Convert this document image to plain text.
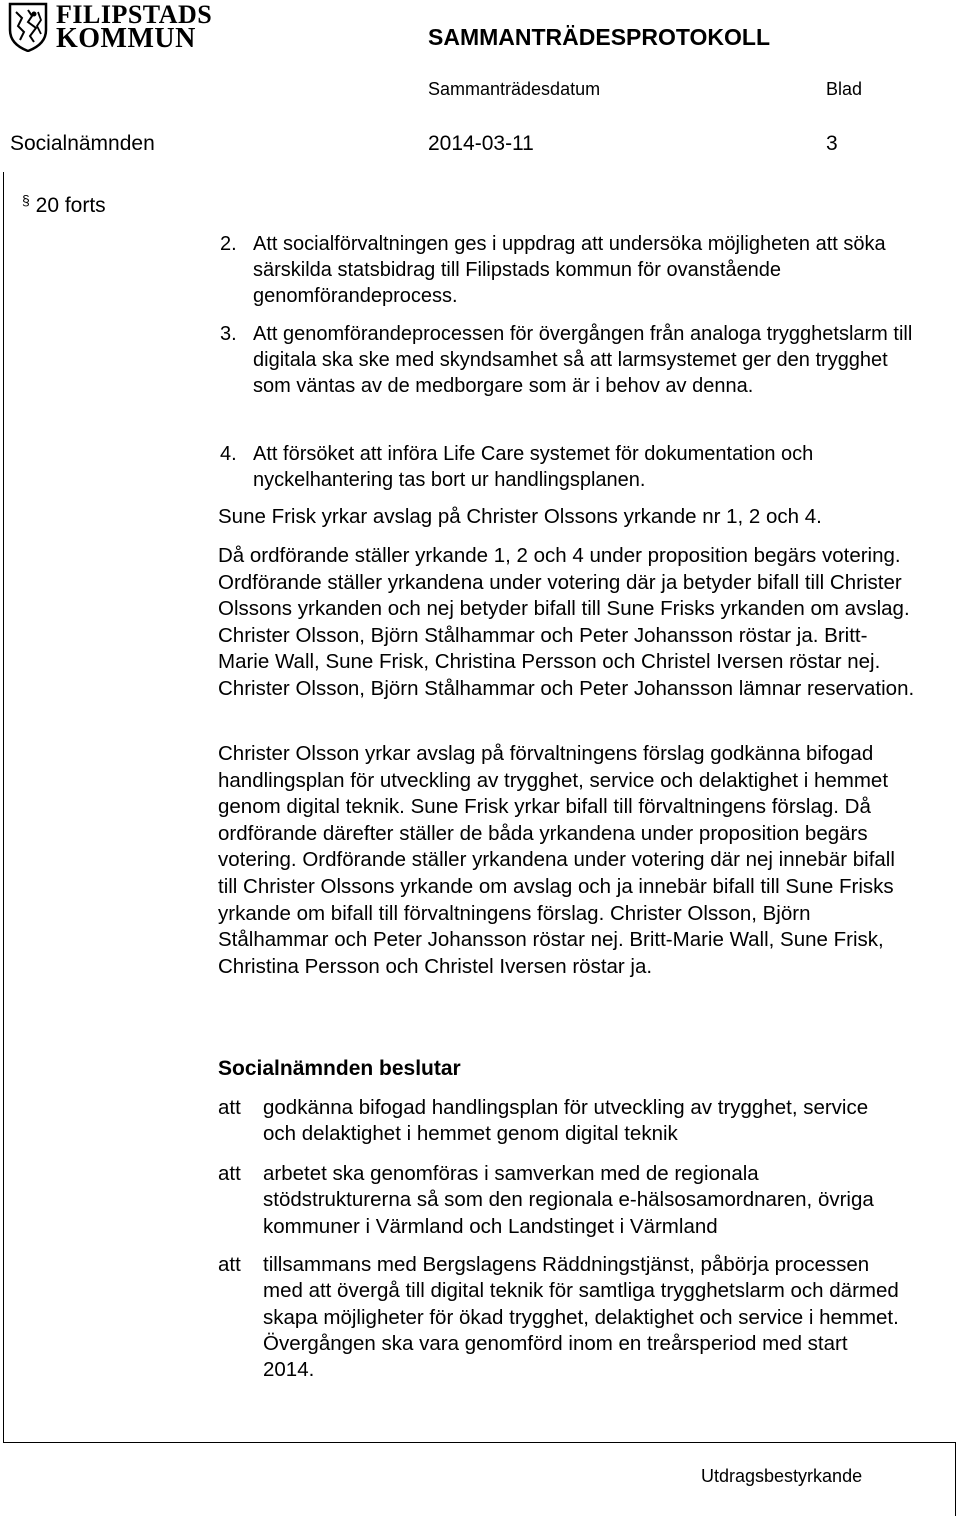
FILIPSTADS
KOMMUN	SAMMANTRÄDESPROTOKOLL
Sammanträdesdatum	Blad
Socialnämnden	2014-03-11	3
§ 20 forts
2. Att socialförvaltningen ges i uppdrag att undersöka möjligheten att söka särskilda statsbidrag till Filipstads kommun för ovanstående genomförandeprocess.
3. Att genomförandeprocessen för övergången från analoga trygghetslarm till digitala ska ske med skyndsamhet så att larmsystemet ger den trygghet som väntas av de medborgare som är i behov av denna.
4. Att försöket att införa Life Care systemet för dokumentation och nyckelhantering tas bort ur handlingsplanen.
Sune Frisk yrkar avslag på Christer Olssons yrkande nr 1, 2 och 4.
Då ordförande ställer yrkande 1, 2 och 4 under proposition begärs votering. Ordförande ställer yrkandena under votering där ja betyder bifall till Christer Olssons yrkanden och nej betyder bifall till Sune Frisks yrkanden om avslag. Christer Olsson, Björn Stålhammar och Peter Johansson röstar ja. Britt-Marie Wall, Sune Frisk, Christina Persson och Christel Iversen röstar nej. Christer Olsson, Björn Stålhammar och Peter Johansson lämnar reservation.
Christer Olsson yrkar avslag på förvaltningens förslag godkänna bifogad handlingsplan för utveckling av trygghet, service och delaktighet i hemmet genom digital teknik. Sune Frisk yrkar bifall till förvaltningens förslag. Då ordförande därefter ställer de båda yrkandena under proposition begärs votering. Ordförande ställer yrkandena under votering där nej innebär bifall till Christer Olssons yrkande om avslag och ja innebär bifall till Sune Frisks yrkande om bifall till förvaltningens förslag. Christer Olsson, Björn Stålhammar och Peter Johansson röstar nej. Britt-Marie Wall, Sune Frisk, Christina Persson och Christel Iversen röstar ja.
Socialnämnden beslutar
att godkänna bifogad handlingsplan för utveckling av trygghet, service och delaktighet i hemmet genom digital teknik
att arbetet ska genomföras i samverkan med de regionala stödstrukturerna så som den regionala e-hälsosamordnaren, övriga kommuner i Värmland och Landstinget i Värmland
att tillsammans med Bergslagens Räddningstjänst, påbörja processen med att övergå till digital teknik för samtliga trygghetslarm och därmed skapa möjligheter för ökad trygghet, delaktighet och service i hemmet. Övergången ska vara genomförd inom en treårsperiod med start 2014.
Utdragsbestyrkande
